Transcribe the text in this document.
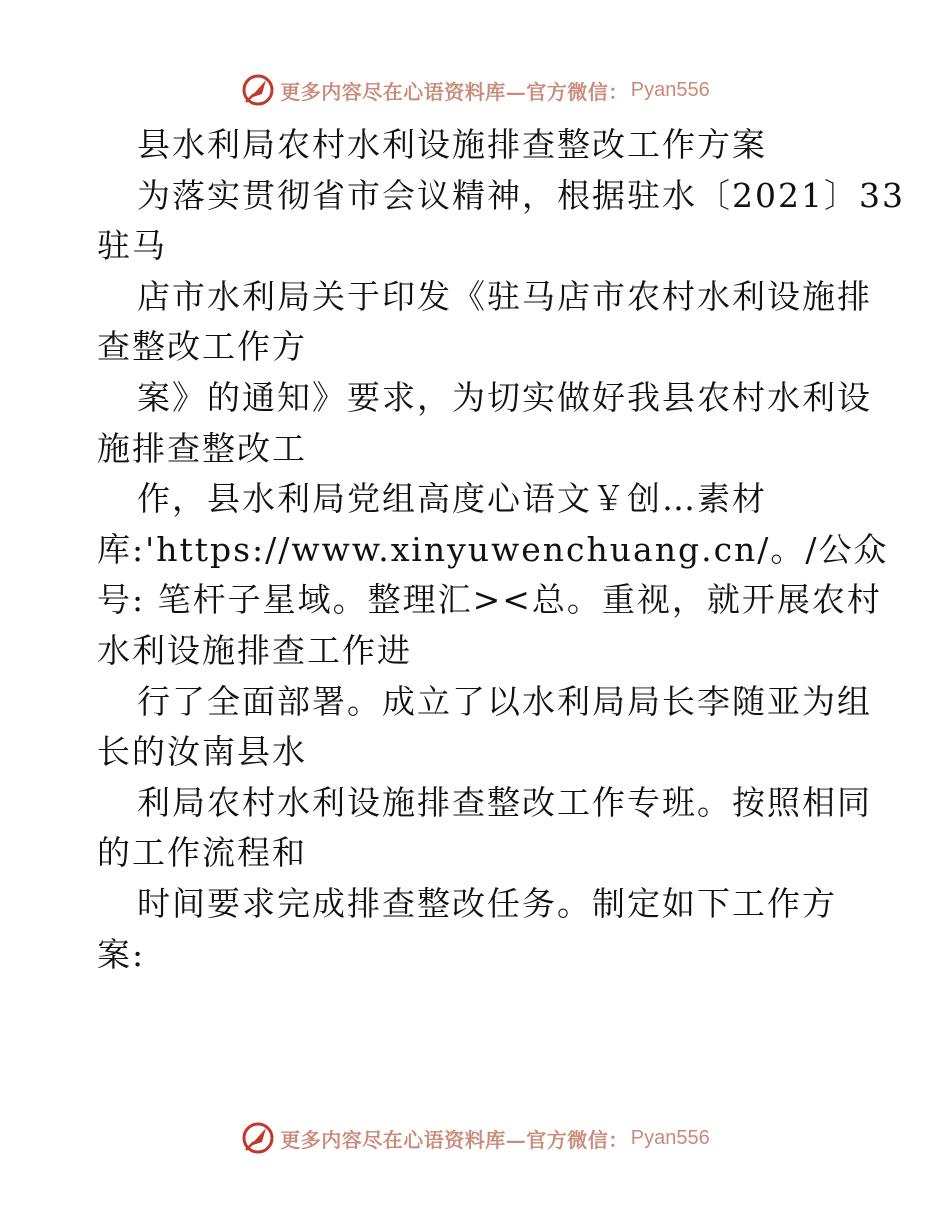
更多内容尽在心语资料库—官方微信： Pyan556
县水利局农村水利设施排查整改工作方案
为落实贯彻省市会议精神，根据驻水〔2021〕33
驻马
店市水利局关于印发《驻马店市农村水利设施排
查整改工作方
案》的通知》要求，为切实做好我县农村水利设
施排查整改工
作，县水利局党组高度心语文￥创…素材
库:'https://www.xinyuwenchuang.cn/。/公众
号: 笔杆子星域。整理汇><总。重视，就开展农村
水利设施排查工作进
行了全面部署。成立了以水利局局长李随亚为组
长的汝南县水
利局农村水利设施排查整改工作专班。按照相同
的工作流程和
时间要求完成排查整改任务。制定如下工作方
案:
更多内容尽在心语资料库—官方微信： Pyan556
